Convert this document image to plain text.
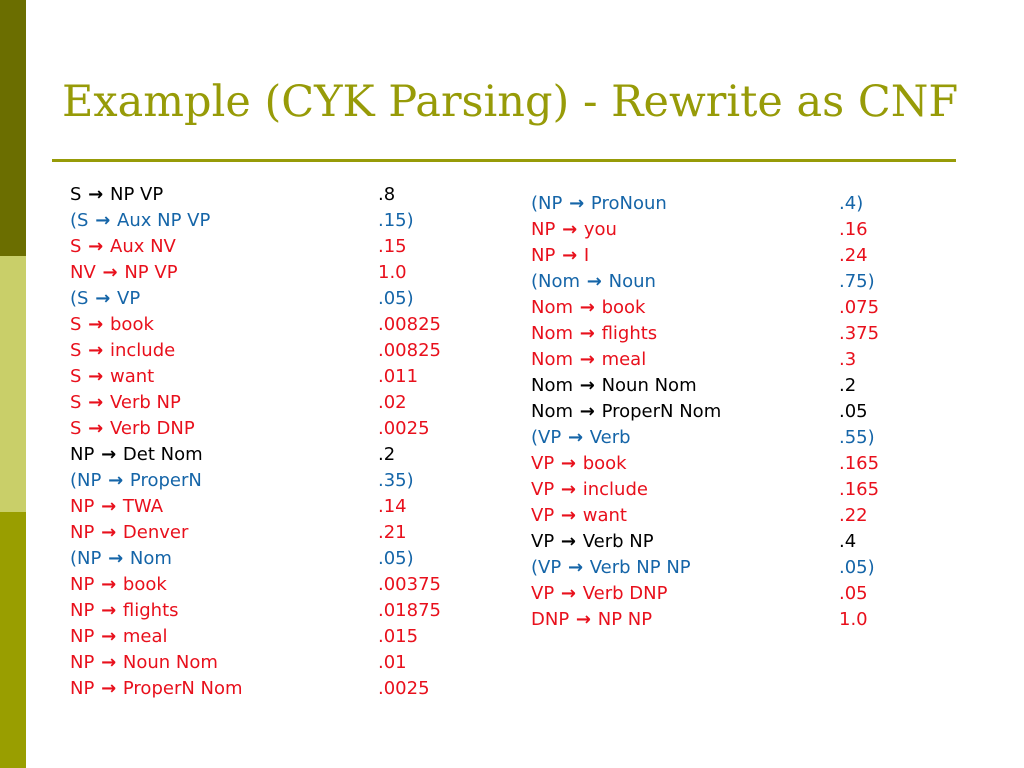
Example (CYK Parsing) - Rewrite as CNF
S → NP VP	.8
(S → Aux NP VP	.15)
S → Aux NV	.15
NV → NP VP	1.0
(S → VP	.05)
S → book	.00825
S → include	.00825
S → want	.011
S → Verb NP	.02
S → Verb DNP	.0025
NP → Det Nom	.2
(NP → ProperN	.35)
NP → TWA	.14
NP → Denver	.21
(NP → Nom	.05)
NP → book	.00375
NP → flights	.01875
NP → meal	.015
NP → Noun Nom	.01
NP → ProperN Nom	.0025
(NP → ProNoun	.4)
NP → you	.16
NP → I	.24
(Nom → Noun	.75)
Nom → book	.075
Nom → flights	.375
Nom → meal	.3
Nom → Noun Nom	.2
Nom → ProperN Nom	.05
(VP → Verb	.55)
VP → book	.165
VP → include	.165
VP → want	.22
VP → Verb NP	.4
(VP → Verb NP NP	.05)
VP → Verb DNP	.05
DNP → NP NP	1.0
